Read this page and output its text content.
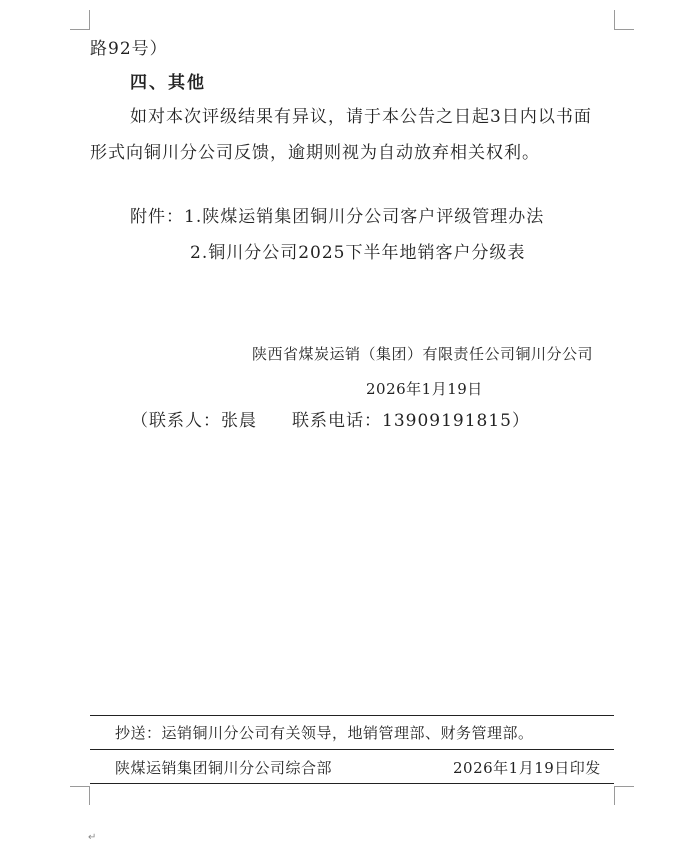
路92号）
四、其他
如对本次评级结果有异议，请于本公告之日起3日内以书面
形式向铜川分公司反馈，逾期则视为自动放弃相关权利。
附件：1.陕煤运销集团铜川分公司客户评级管理办法
2.铜川分公司2025下半年地销客户分级表
陕西省煤炭运销（集团）有限责任公司铜川分公司
2026年1月19日
（联系人：张晨 联系电话：13909191815）
抄送：运销铜川分公司有关领导，地销管理部、财务管理部。
陕煤运销集团铜川分公司综合部	2026年1月19日印发
↵
